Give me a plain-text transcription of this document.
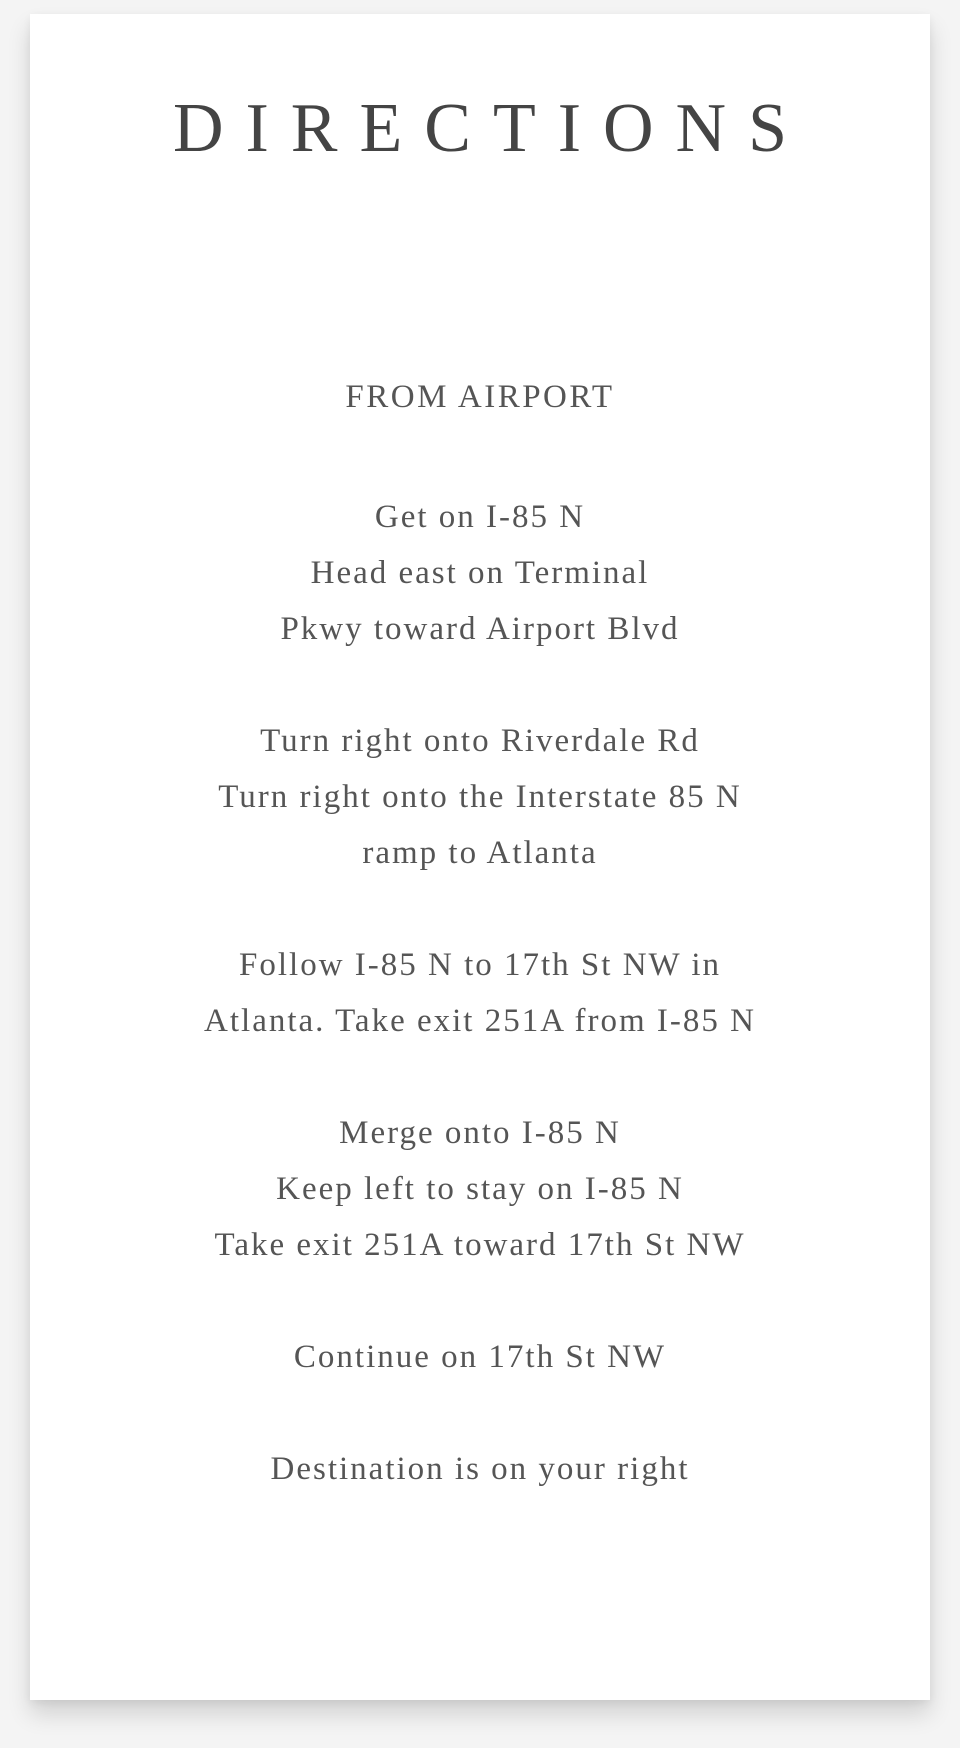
DIRECTIONS
FROM AIRPORT
Get on I-85 N
Head east on Terminal
Pkwy toward Airport Blvd
Turn right onto Riverdale Rd
Turn right onto the Interstate 85 N
ramp to Atlanta
Follow I-85 N to 17th St NW in
Atlanta. Take exit 251A from I-85 N
Merge onto I-85 N
Keep left to stay on I-85 N
Take exit 251A toward 17th St NW
Continue on 17th St NW
Destination is on your right
